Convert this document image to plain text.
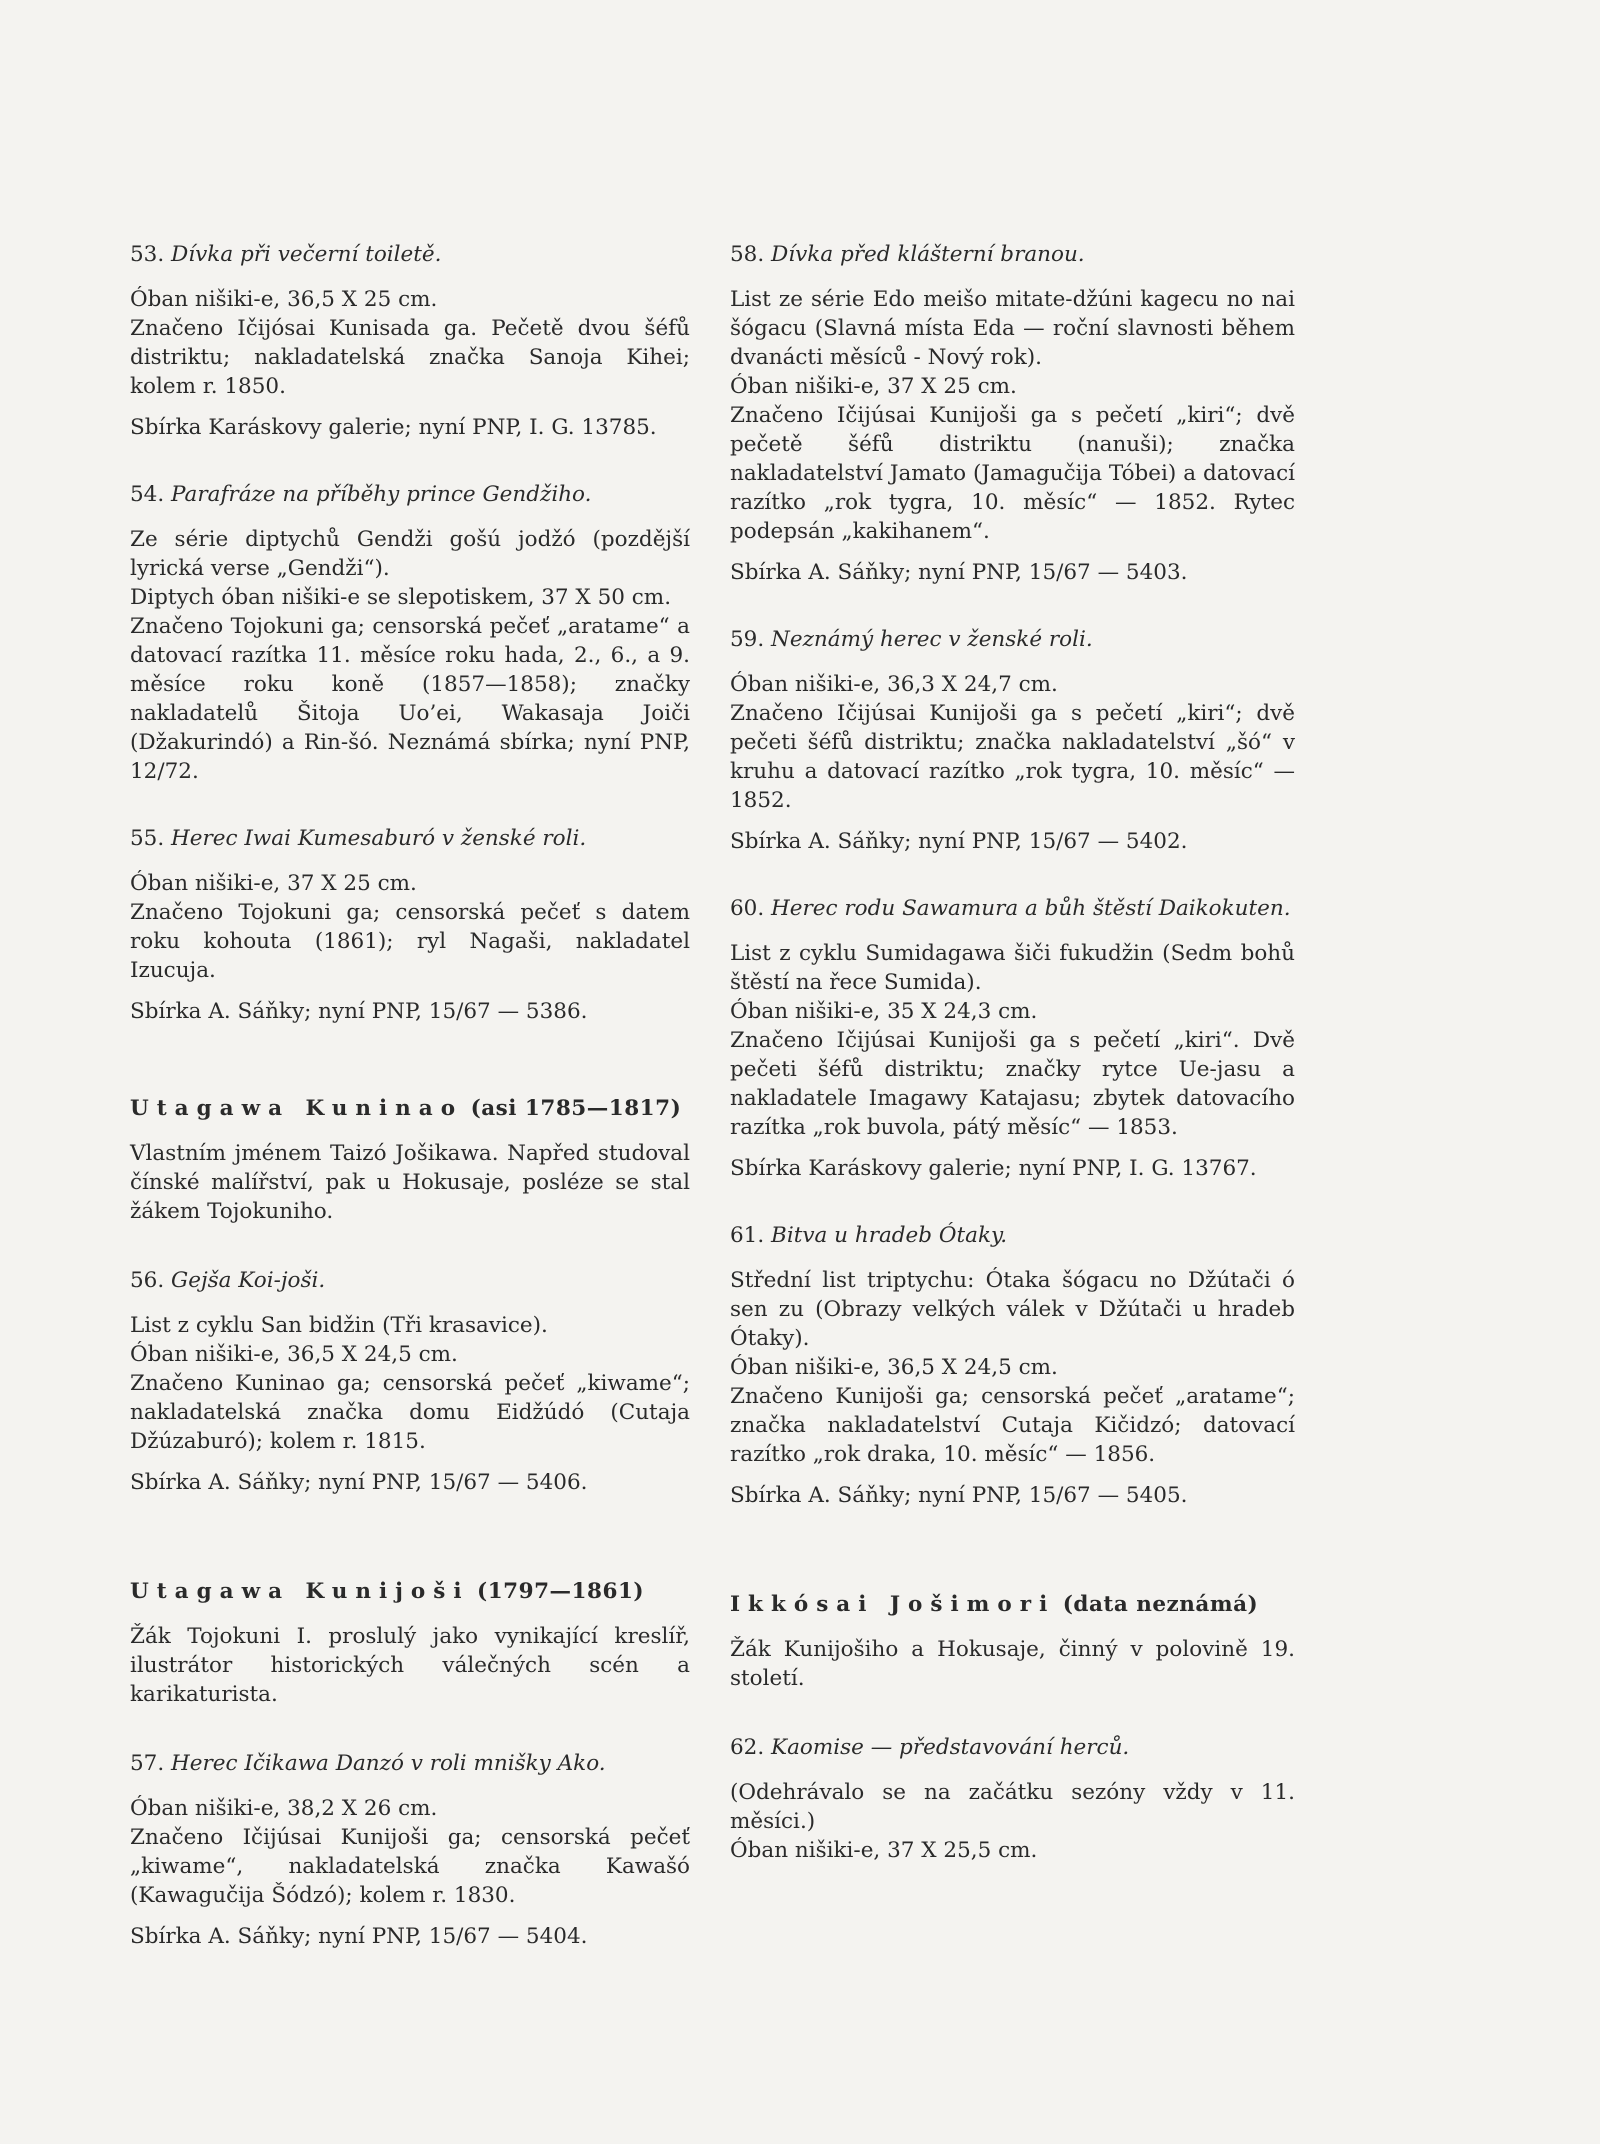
53. Dívka při večerní toiletě.

Óban nišiki-e, 36,5 X 25 cm.

Značeno Ičijósai Kunisada ga. Pečetě dvou šéfů distriktu; nakladatelská značka Sanoja Kihei; kolem r. 1850.

Sbírka Karáskovy galerie; nyní PNP, I. G. 13785.

54. Parafráze na příběhy prince Gendžiho.

Ze série diptychů Gendži gošú jodžó (pozdější lyrická verse „Gendži“).

Diptych óban nišiki-e se slepotiskem, 37 X 50 cm.

Značeno Tojokuni ga; censorská pečeť „aratame“ a datovací razítka 11. měsíce roku hada, 2., 6., a 9. měsíce roku koně (1857—1858); značky nakladatelů Šitoja Uo’ei, Wakasaja Joiči (Džakurindó) a Rin-šó. Neznámá sbírka; nyní PNP, 12/72.

55. Herec Iwai Kumesaburó v ženské roli.

Óban nišiki-e, 37 X 25 cm.

Značeno Tojokuni ga; censorská pečeť s datem roku kohouta (1861); ryl Nagaši, nakladatel Izucuja.

Sbírka A. Sáňky; nyní PNP, 15/67 — 5386.

Utagawa Kuninao (asi 1785—1817)

Vlastním jménem Taizó Jošikawa. Napřed studoval čínské malířství, pak u Hokusaje, posléze se stal žákem Tojokuniho.

56. Gejša Koi-joši.

List z cyklu San bidžin (Tři krasavice).

Óban nišiki-e, 36,5 X 24,5 cm.

Značeno Kuninao ga; censorská pečeť „kiwame“; nakladatelská značka domu Eidžúdó (Cutaja Džúzaburó); kolem r. 1815.

Sbírka A. Sáňky; nyní PNP, 15/67 — 5406.

Utagawa Kunijoši (1797—1861)

Žák Tojokuni I. proslulý jako vynikající kreslíř, ilustrátor historických válečných scén a karikaturista.

57. Herec Ičikawa Danzó v roli mnišky Ako.

Óban nišiki-e, 38,2 X 26 cm.

Značeno Ičijúsai Kunijoši ga; censorská pečeť „kiwame“, nakladatelská značka Kawašó (Kawagučija Šódzó); kolem r. 1830.

Sbírka A. Sáňky; nyní PNP, 15/67 — 5404.

58. Dívka před klášterní branou.

List ze série Edo meišo mitate-džúni kagecu no nai šógacu (Slavná místa Eda — roční slavnosti během dvanácti měsíců - Nový rok).

Óban nišiki-e, 37 X 25 cm.

Značeno Ičijúsai Kunijoši ga s pečetí „kiri“; dvě pečetě šéfů distriktu (nanuši); značka nakladatelství Jamato (Jamagučija Tóbei) a datovací razítko „rok tygra, 10. měsíc“ — 1852. Rytec podepsán „kakihanem“.

Sbírka A. Sáňky; nyní PNP, 15/67 — 5403.

59. Neznámý herec v ženské roli.

Óban nišiki-e, 36,3 X 24,7 cm.

Značeno Ičijúsai Kunijoši ga s pečetí „kiri“; dvě pečeti šéfů distriktu; značka nakladatelství „šó“ v kruhu a datovací razítko „rok tygra, 10. měsíc“ — 1852.

Sbírka A. Sáňky; nyní PNP, 15/67 — 5402.

60. Herec rodu Sawamura a bůh štěstí Daikokuten.

List z cyklu Sumidagawa šiči fukudžin (Sedm bohů štěstí na řece Sumida).

Óban nišiki-e, 35 X 24,3 cm.

Značeno Ičijúsai Kunijoši ga s pečetí „kiri“. Dvě pečeti šéfů distriktu; značky rytce Ue-jasu a nakladatele Imagawy Katajasu; zbytek datovacího razítka „rok buvola, pátý měsíc“ — 1853.

Sbírka Karáskovy galerie; nyní PNP, I. G. 13767.

61. Bitva u hradeb Ótaky.

Střední list triptychu: Ótaka šógacu no Džútači ó sen zu (Obrazy velkých válek v Džútači u hradeb Ótaky).

Óban nišiki-e, 36,5 X 24,5 cm.

Značeno Kunijoši ga; censorská pečeť „aratame“; značka nakladatelství Cutaja Kičidzó; datovací razítko „rok draka, 10. měsíc“ — 1856.

Sbírka A. Sáňky; nyní PNP, 15/67 — 5405.

Ikkósai Jošimori (data neznámá)

Žák Kunijošiho a Hokusaje, činný v polovině 19. století.

62. Kaomise — představování herců.

(Odehrávalo se na začátku sezóny vždy v 11. měsíci.)

Óban nišiki-e, 37 X 25,5 cm.
